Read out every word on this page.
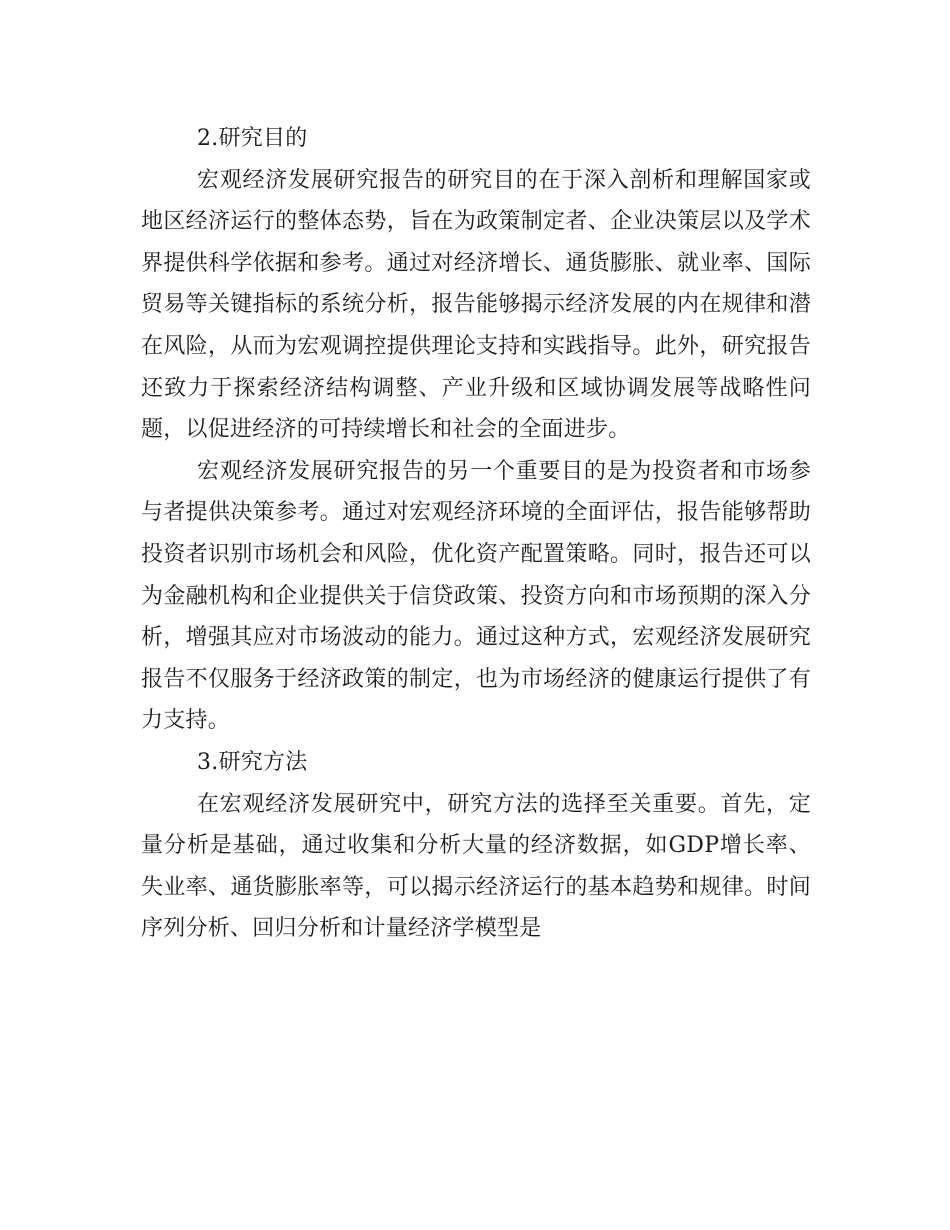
2.研究目的

宏观经济发展研究报告的研究目的在于深入剖析和理解国家或地区经济运行的整体态势，旨在为政策制定者、企业决策层以及学术界提供科学依据和参考。通过对经济增长、通货膨胀、就业率、国际贸易等关键指标的系统分析，报告能够揭示经济发展的内在规律和潜在风险，从而为宏观调控提供理论支持和实践指导。此外，研究报告还致力于探索经济结构调整、产业升级和区域协调发展等战略性问题，以促进经济的可持续增长和社会的全面进步。

宏观经济发展研究报告的另一个重要目的是为投资者和市场参与者提供决策参考。通过对宏观经济环境的全面评估，报告能够帮助投资者识别市场机会和风险，优化资产配置策略。同时，报告还可以为金融机构和企业提供关于信贷政策、投资方向和市场预期的深入分析，增强其应对市场波动的能力。通过这种方式，宏观经济发展研究报告不仅服务于经济政策的制定，也为市场经济的健康运行提供了有力支持。

3.研究方法

在宏观经济发展研究中，研究方法的选择至关重要。首先，定量分析是基础，通过收集和分析大量的经济数据，如GDP增长率、失业率、通货膨胀率等，可以揭示经济运行的基本趋势和规律。时间序列分析、回归分析和计量经济学模型是
